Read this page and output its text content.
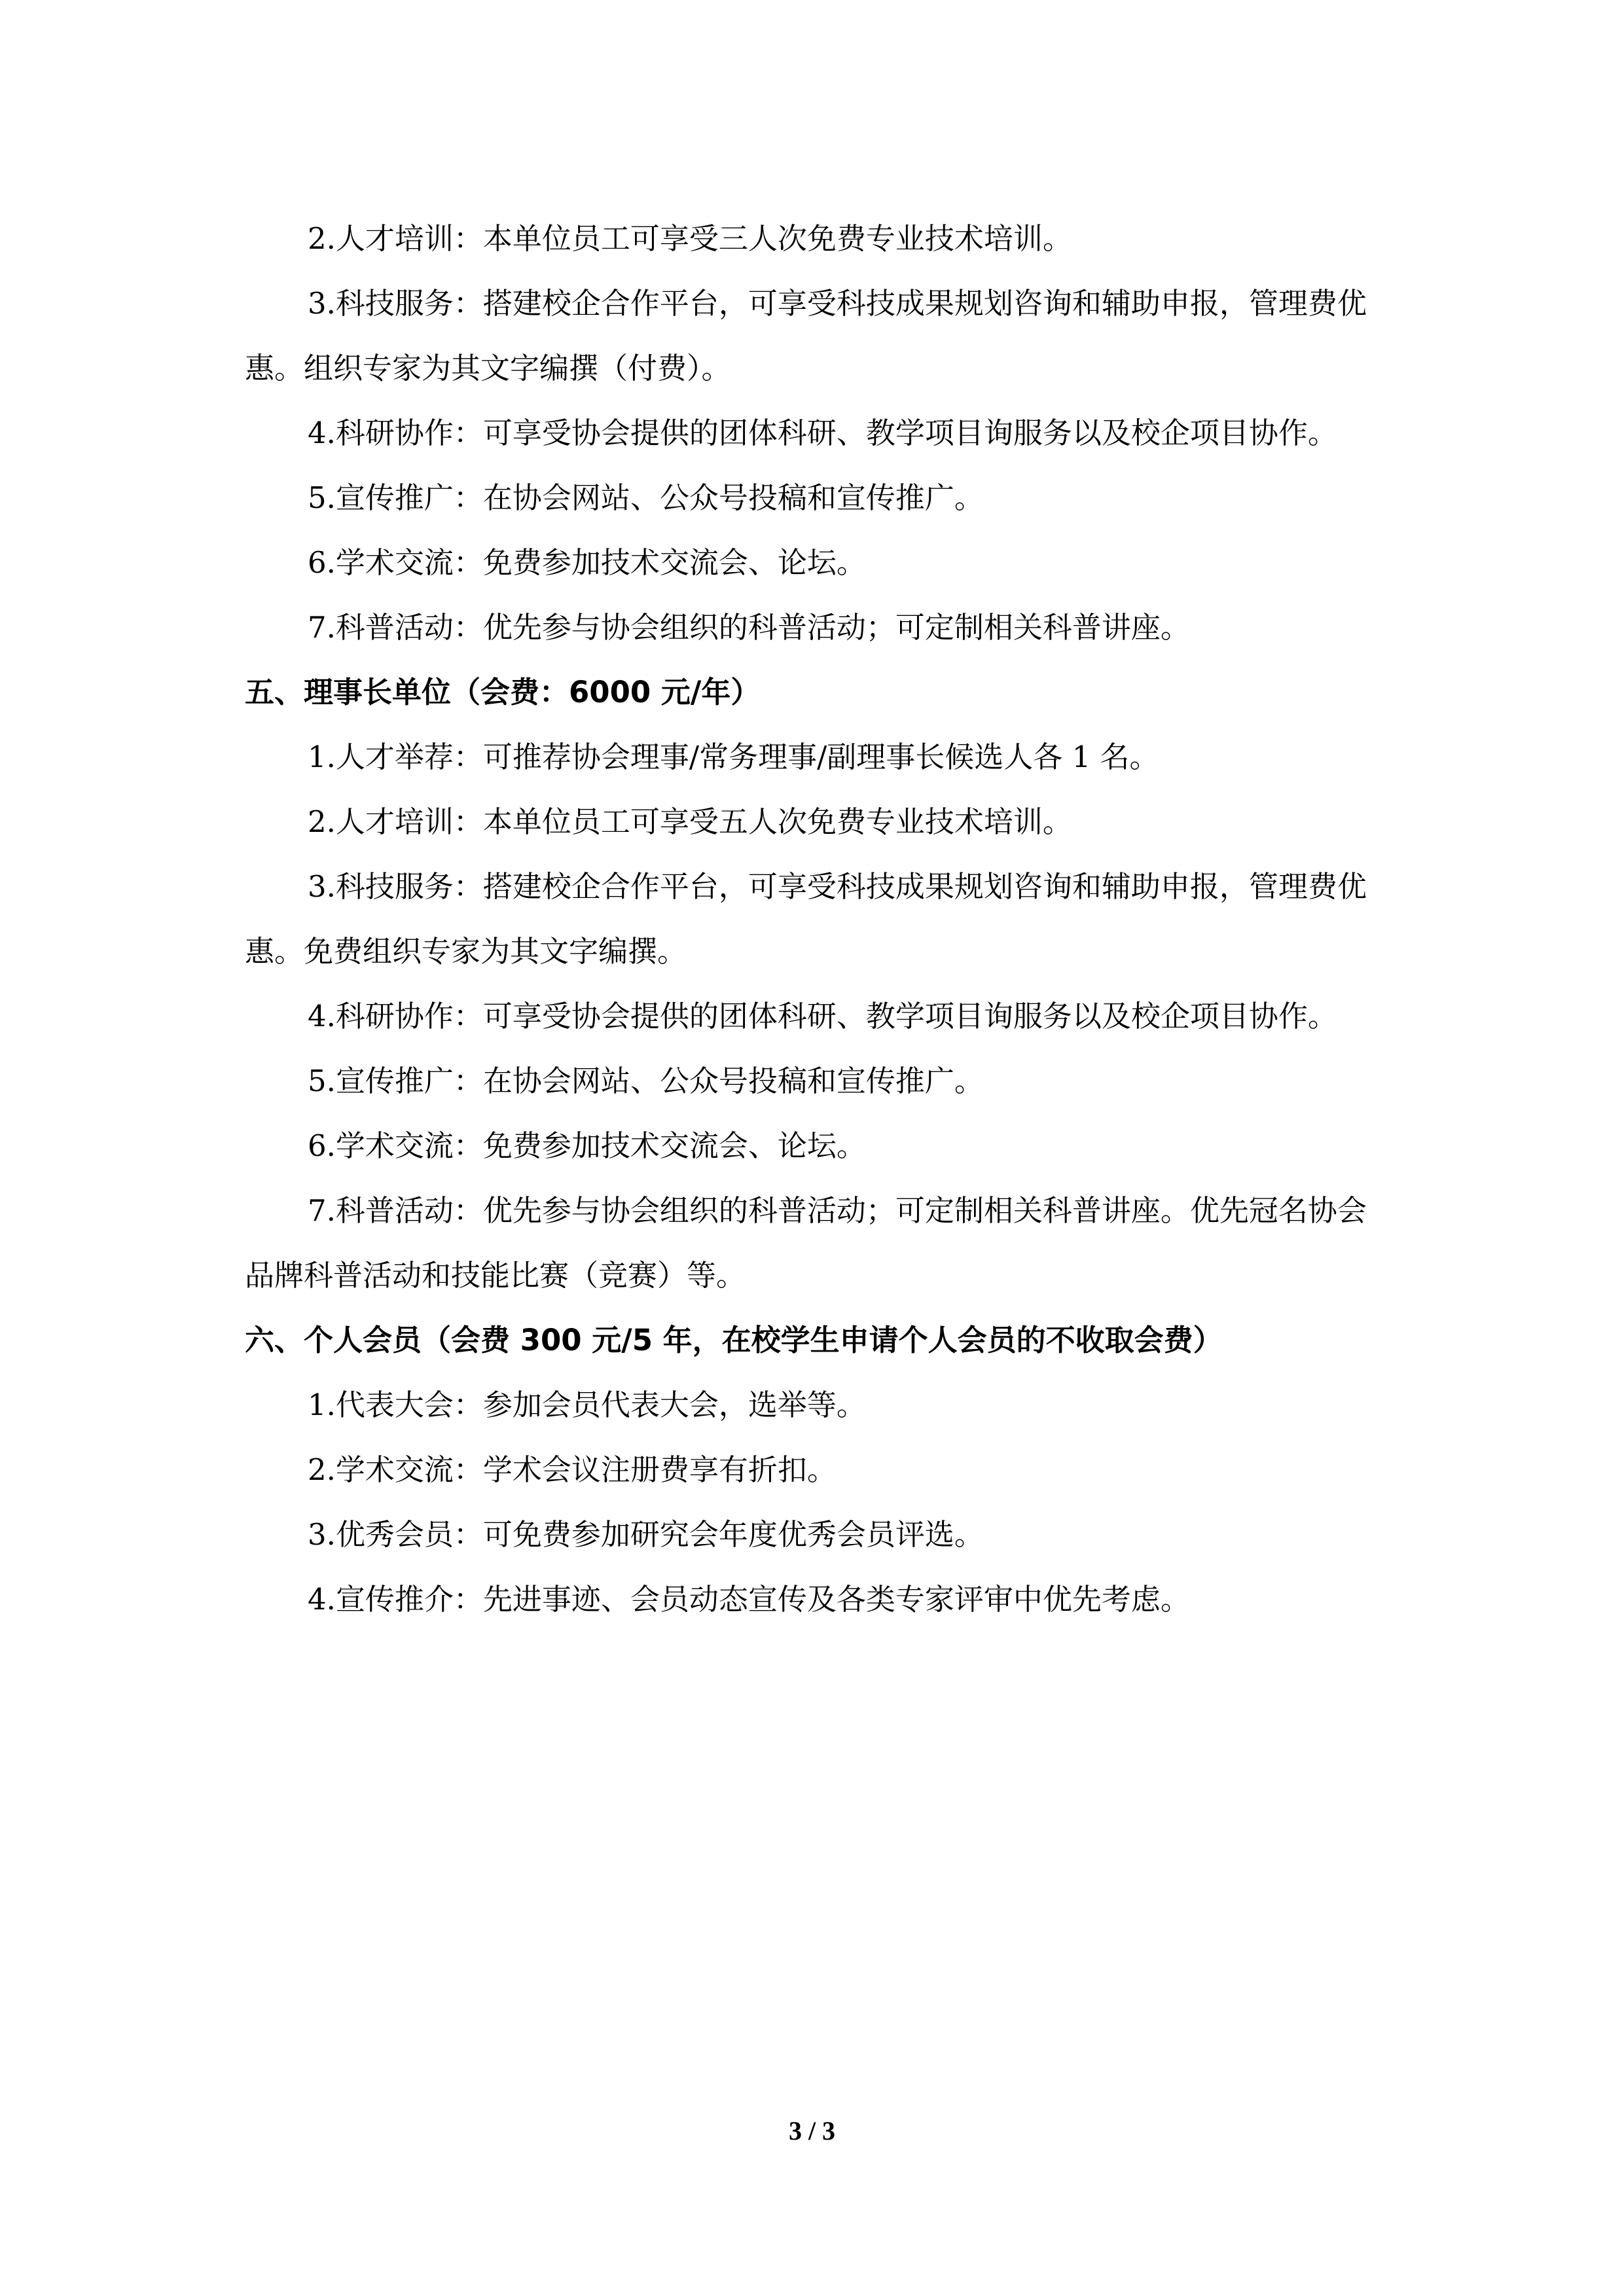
2.人才培训：本单位员工可享受三人次免费专业技术培训。

3.科技服务：搭建校企合作平台，可享受科技成果规划咨询和辅助申报，管理费优惠。组织专家为其文字编撰（付费）。

4.科研协作：可享受协会提供的团体科研、教学项目询服务以及校企项目协作。

5.宣传推广：在协会网站、公众号投稿和宣传推广。

6.学术交流：免费参加技术交流会、论坛。

7.科普活动：优先参与协会组织的科普活动；可定制相关科普讲座。

五、理事长单位（会费：6000 元/年）

1.人才举荐：可推荐协会理事/常务理事/副理事长候选人各 1 名。

2.人才培训：本单位员工可享受五人次免费专业技术培训。

3.科技服务：搭建校企合作平台，可享受科技成果规划咨询和辅助申报，管理费优惠。免费组织专家为其文字编撰。

4.科研协作：可享受协会提供的团体科研、教学项目询服务以及校企项目协作。

5.宣传推广：在协会网站、公众号投稿和宣传推广。

6.学术交流：免费参加技术交流会、论坛。

7.科普活动：优先参与协会组织的科普活动；可定制相关科普讲座。优先冠名协会品牌科普活动和技能比赛（竞赛）等。

六、个人会员（会费 300 元/5 年，在校学生申请个人会员的不收取会费）

1.代表大会：参加会员代表大会，选举等。

2.学术交流：学术会议注册费享有折扣。

3.优秀会员：可免费参加研究会年度优秀会员评选。

4.宣传推介：先进事迹、会员动态宣传及各类专家评审中优先考虑。

3 / 3
